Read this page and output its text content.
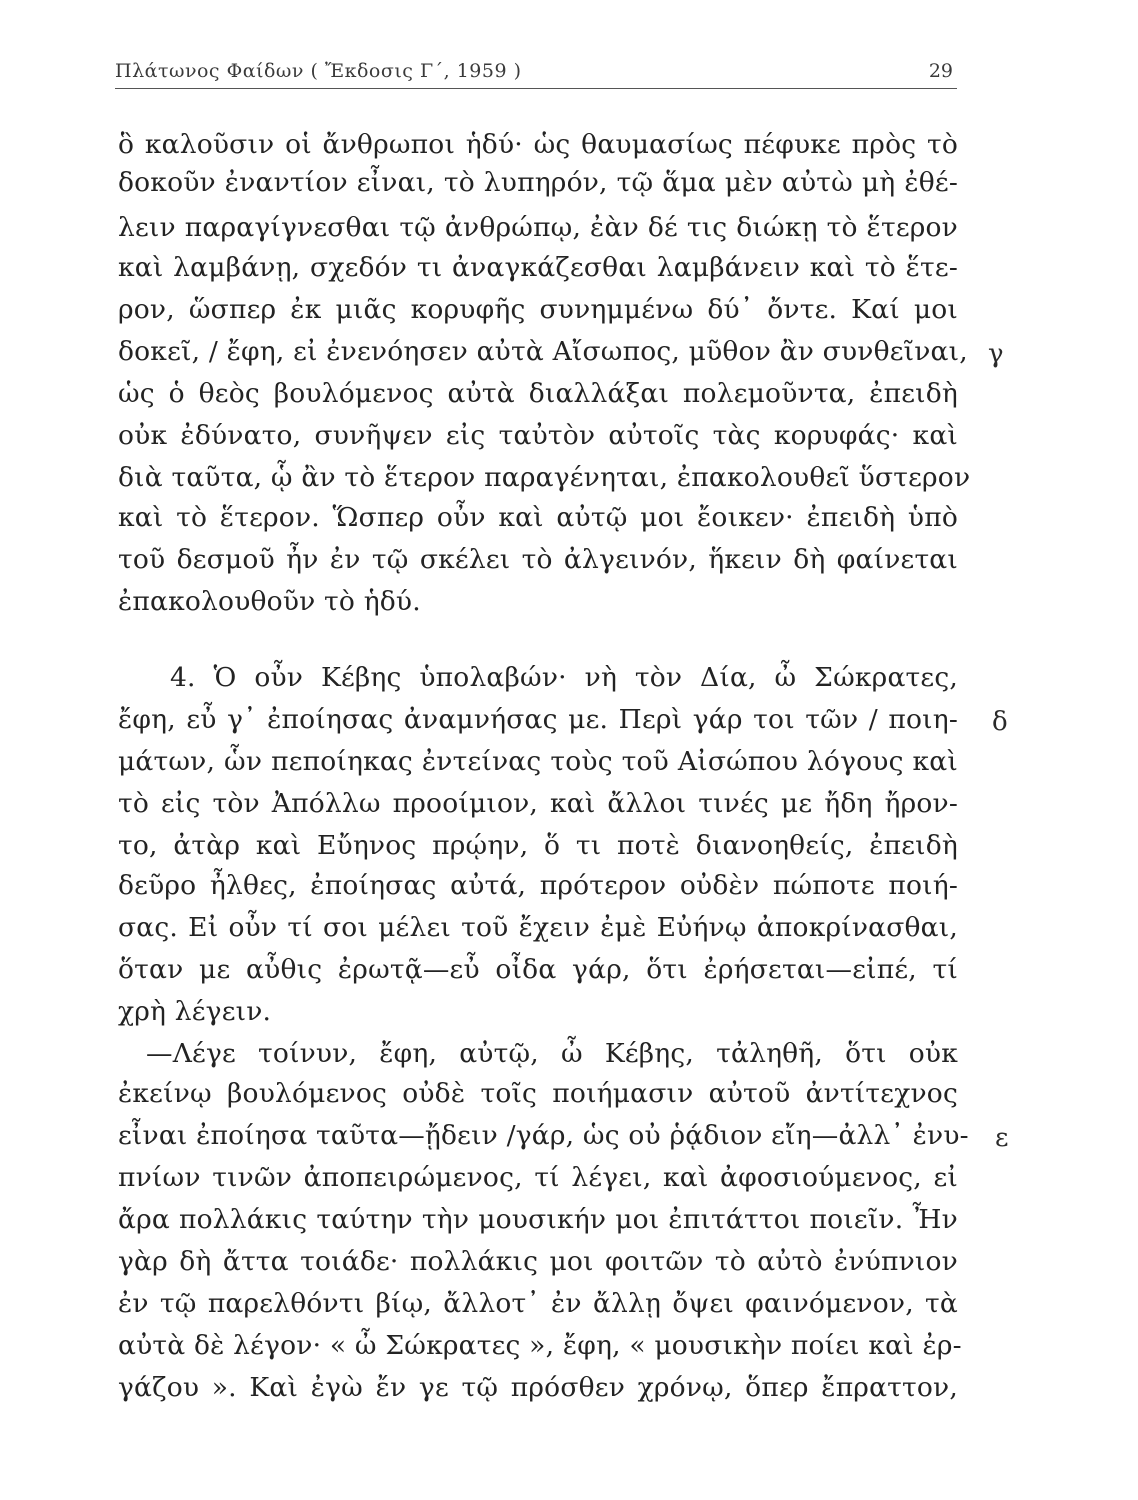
Πλάτωνος Φαίδων ( Ἔκδοσις Γ΄, 1959 )	29
ὃ καλοῦσιν οἱ ἄνθρωποι ἡδύ· ὡς θαυμασίως πέφυκε πρὸς τὸ
δοκοῦν ἐναντίον εἶναι, τὸ λυπηρόν, τῷ ἅμα μὲν αὐτὼ μὴ ἐθέ-
λειν παραγίγνεσθαι τῷ ἀνθρώπῳ, ἐὰν δέ τις διώκῃ τὸ ἕτερον
καὶ λαμβάνῃ, σχεδόν τι ἀναγκάζεσθαι λαμβάνειν καὶ τὸ ἕτε-
ρον, ὥσπερ ἐκ μιᾶς κορυφῆς συνημμένω δύ᾽ ὄντε. Καί μοι
δοκεῖ, / ἔφη, εἰ ἐνενόησεν αὐτὰ Αἴσωπος, μῦθον ἂν συνθεῖναι,
ὡς ὁ θεὸς βουλόμενος αὐτὰ διαλλάξαι πολεμοῦντα, ἐπειδὴ
οὐκ ἐδύνατο, συνῆψεν εἰς ταὐτὸν αὐτοῖς τὰς κορυφάς· καὶ
διὰ ταῦτα, ᾧ ἂν τὸ ἕτερον παραγένηται, ἐπακολουθεῖ ὕστερον
καὶ τὸ ἕτερον. Ὥσπερ οὖν καὶ αὐτῷ μοι ἔοικεν· ἐπειδὴ ὑπὸ
τοῦ δεσμοῦ ἦν ἐν τῷ σκέλει τὸ ἀλγεινόν, ἥκειν δὴ φαίνεται
ἐπακολουθοῦν τὸ ἡδύ.
4. Ὁ οὖν Κέβης ὑπολαβών· νὴ τὸν Δία, ὦ Σώκρατες,
ἔφη, εὖ γ᾽ ἐποίησας ἀναμνήσας με. Περὶ γάρ τοι τῶν / ποιη-
μάτων, ὧν πεποίηκας ἐντείνας τοὺς τοῦ Αἰσώπου λόγους καὶ
τὸ εἰς τὸν Ἀπόλλω προοίμιον, καὶ ἄλλοι τινές με ἤδη ἤρον-
το, ἀτὰρ καὶ Εὔηνος πρῴην, ὅ τι ποτὲ διανοηθείς, ἐπειδὴ
δεῦρο ἦλθες, ἐποίησας αὐτά, πρότερον οὐδὲν πώποτε ποιή-
σας. Εἰ οὖν τί σοι μέλει τοῦ ἔχειν ἐμὲ Εὐήνῳ ἀποκρίνασθαι,
ὅταν με αὖθις ἐρωτᾷ—εὖ οἶδα γάρ, ὅτι ἐρήσεται—εἰπέ, τί
χρὴ λέγειν.
—Λέγε τοίνυν, ἔφη, αὐτῷ, ὦ Κέβης, τἀληθῆ, ὅτι οὐκ
ἐκείνῳ βουλόμενος οὐδὲ τοῖς ποιήμασιν αὐτοῦ ἀντίτεχνος
εἶναι ἐποίησα ταῦτα—ᾔδειν /γάρ, ὡς οὐ ῥᾴδιον εἴη—ἀλλ᾽ ἐνυ-
πνίων τινῶν ἀποπειρώμενος, τί λέγει, καὶ ἀφοσιούμενος, εἰ
ἄρα πολλάκις ταύτην τὴν μουσικήν μοι ἐπιτάττοι ποιεῖν. Ἦν
γὰρ δὴ ἄττα τοιάδε· πολλάκις μοι φοιτῶν τὸ αὐτὸ ἐνύπνιον
ἐν τῷ παρελθόντι βίῳ, ἄλλοτ᾽ ἐν ἄλλῃ ὄψει φαινόμενον, τὰ
αὐτὰ δὲ λέγον· « ὦ Σώκρατες », ἔφη, « μουσικὴν ποίει καὶ ἐρ-
γάζου ». Καὶ ἐγὼ ἔν γε τῷ πρόσθεν χρόνῳ, ὅπερ ἔπραττον,
γ
δ
ε
